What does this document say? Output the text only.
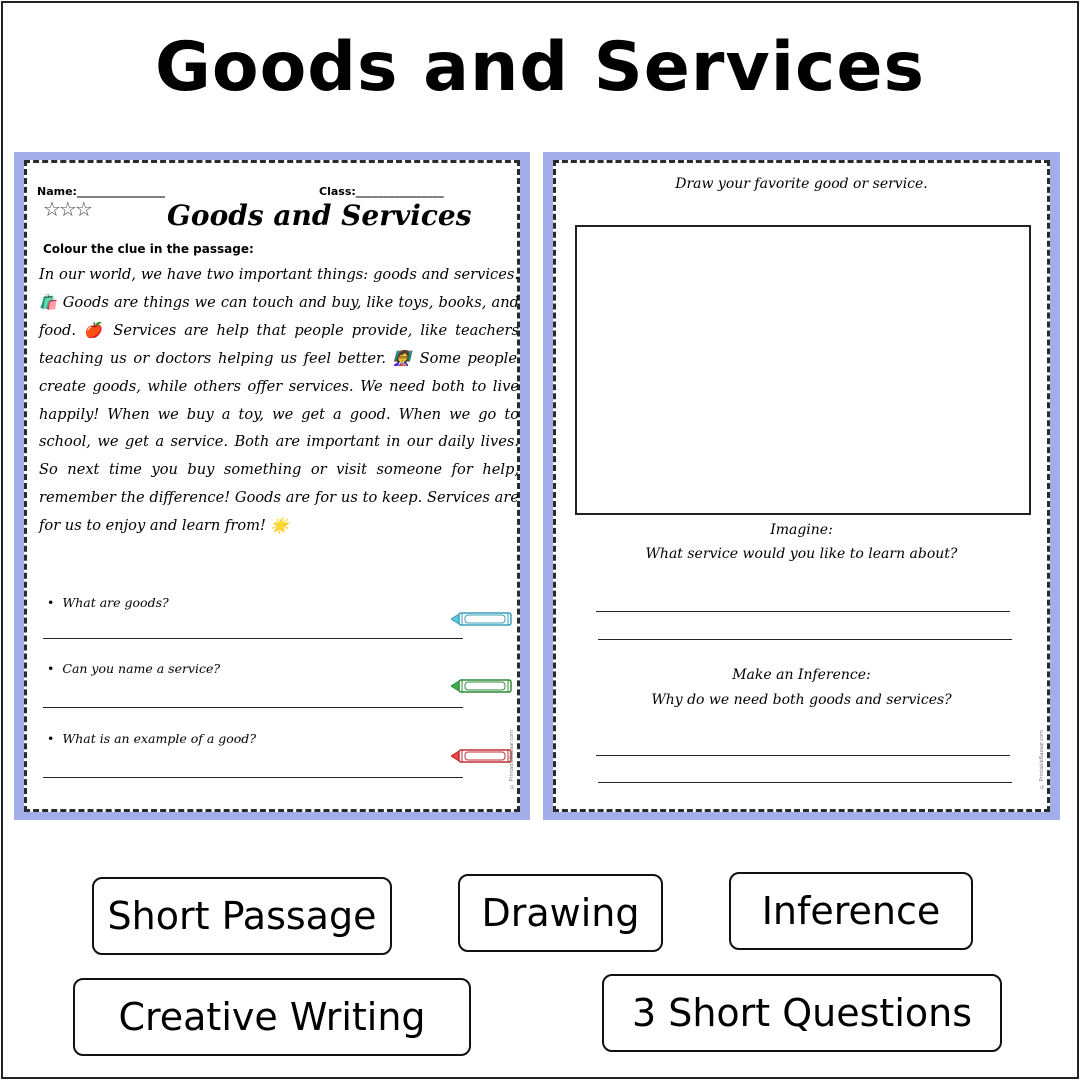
Goods and Services
Name:________________	Class:________________
☆☆☆	Goods and Services
Colour the clue in the passage:
In our world, we have two important things: goods and services. 🛍️ Goods are things we can touch and buy, like toys, books, and food. 🍎 Services are help that people provide, like teachers teaching us or doctors helping us feel better. 👩‍🏫 Some people create goods, while others offer services. We need both to live happily! When we buy a toy, we get a good. When we go to school, we get a service. Both are important in our daily lives. So next time you buy something or visit someone for help, remember the difference! Goods are for us to keep. Services are for us to enjoy and learn from! 🌟
• What are goods?
• Can you name a service?
• What is an example of a good?	© PrintableBazaar.com
Draw your favorite good or service.
Imagine:
What service would you like to learn about?
Make an Inference:
Why do we need both goods and services?
© PrintableBazaar.com
Short Passage	Drawing	Inference
Creative Writing	3 Short Questions
